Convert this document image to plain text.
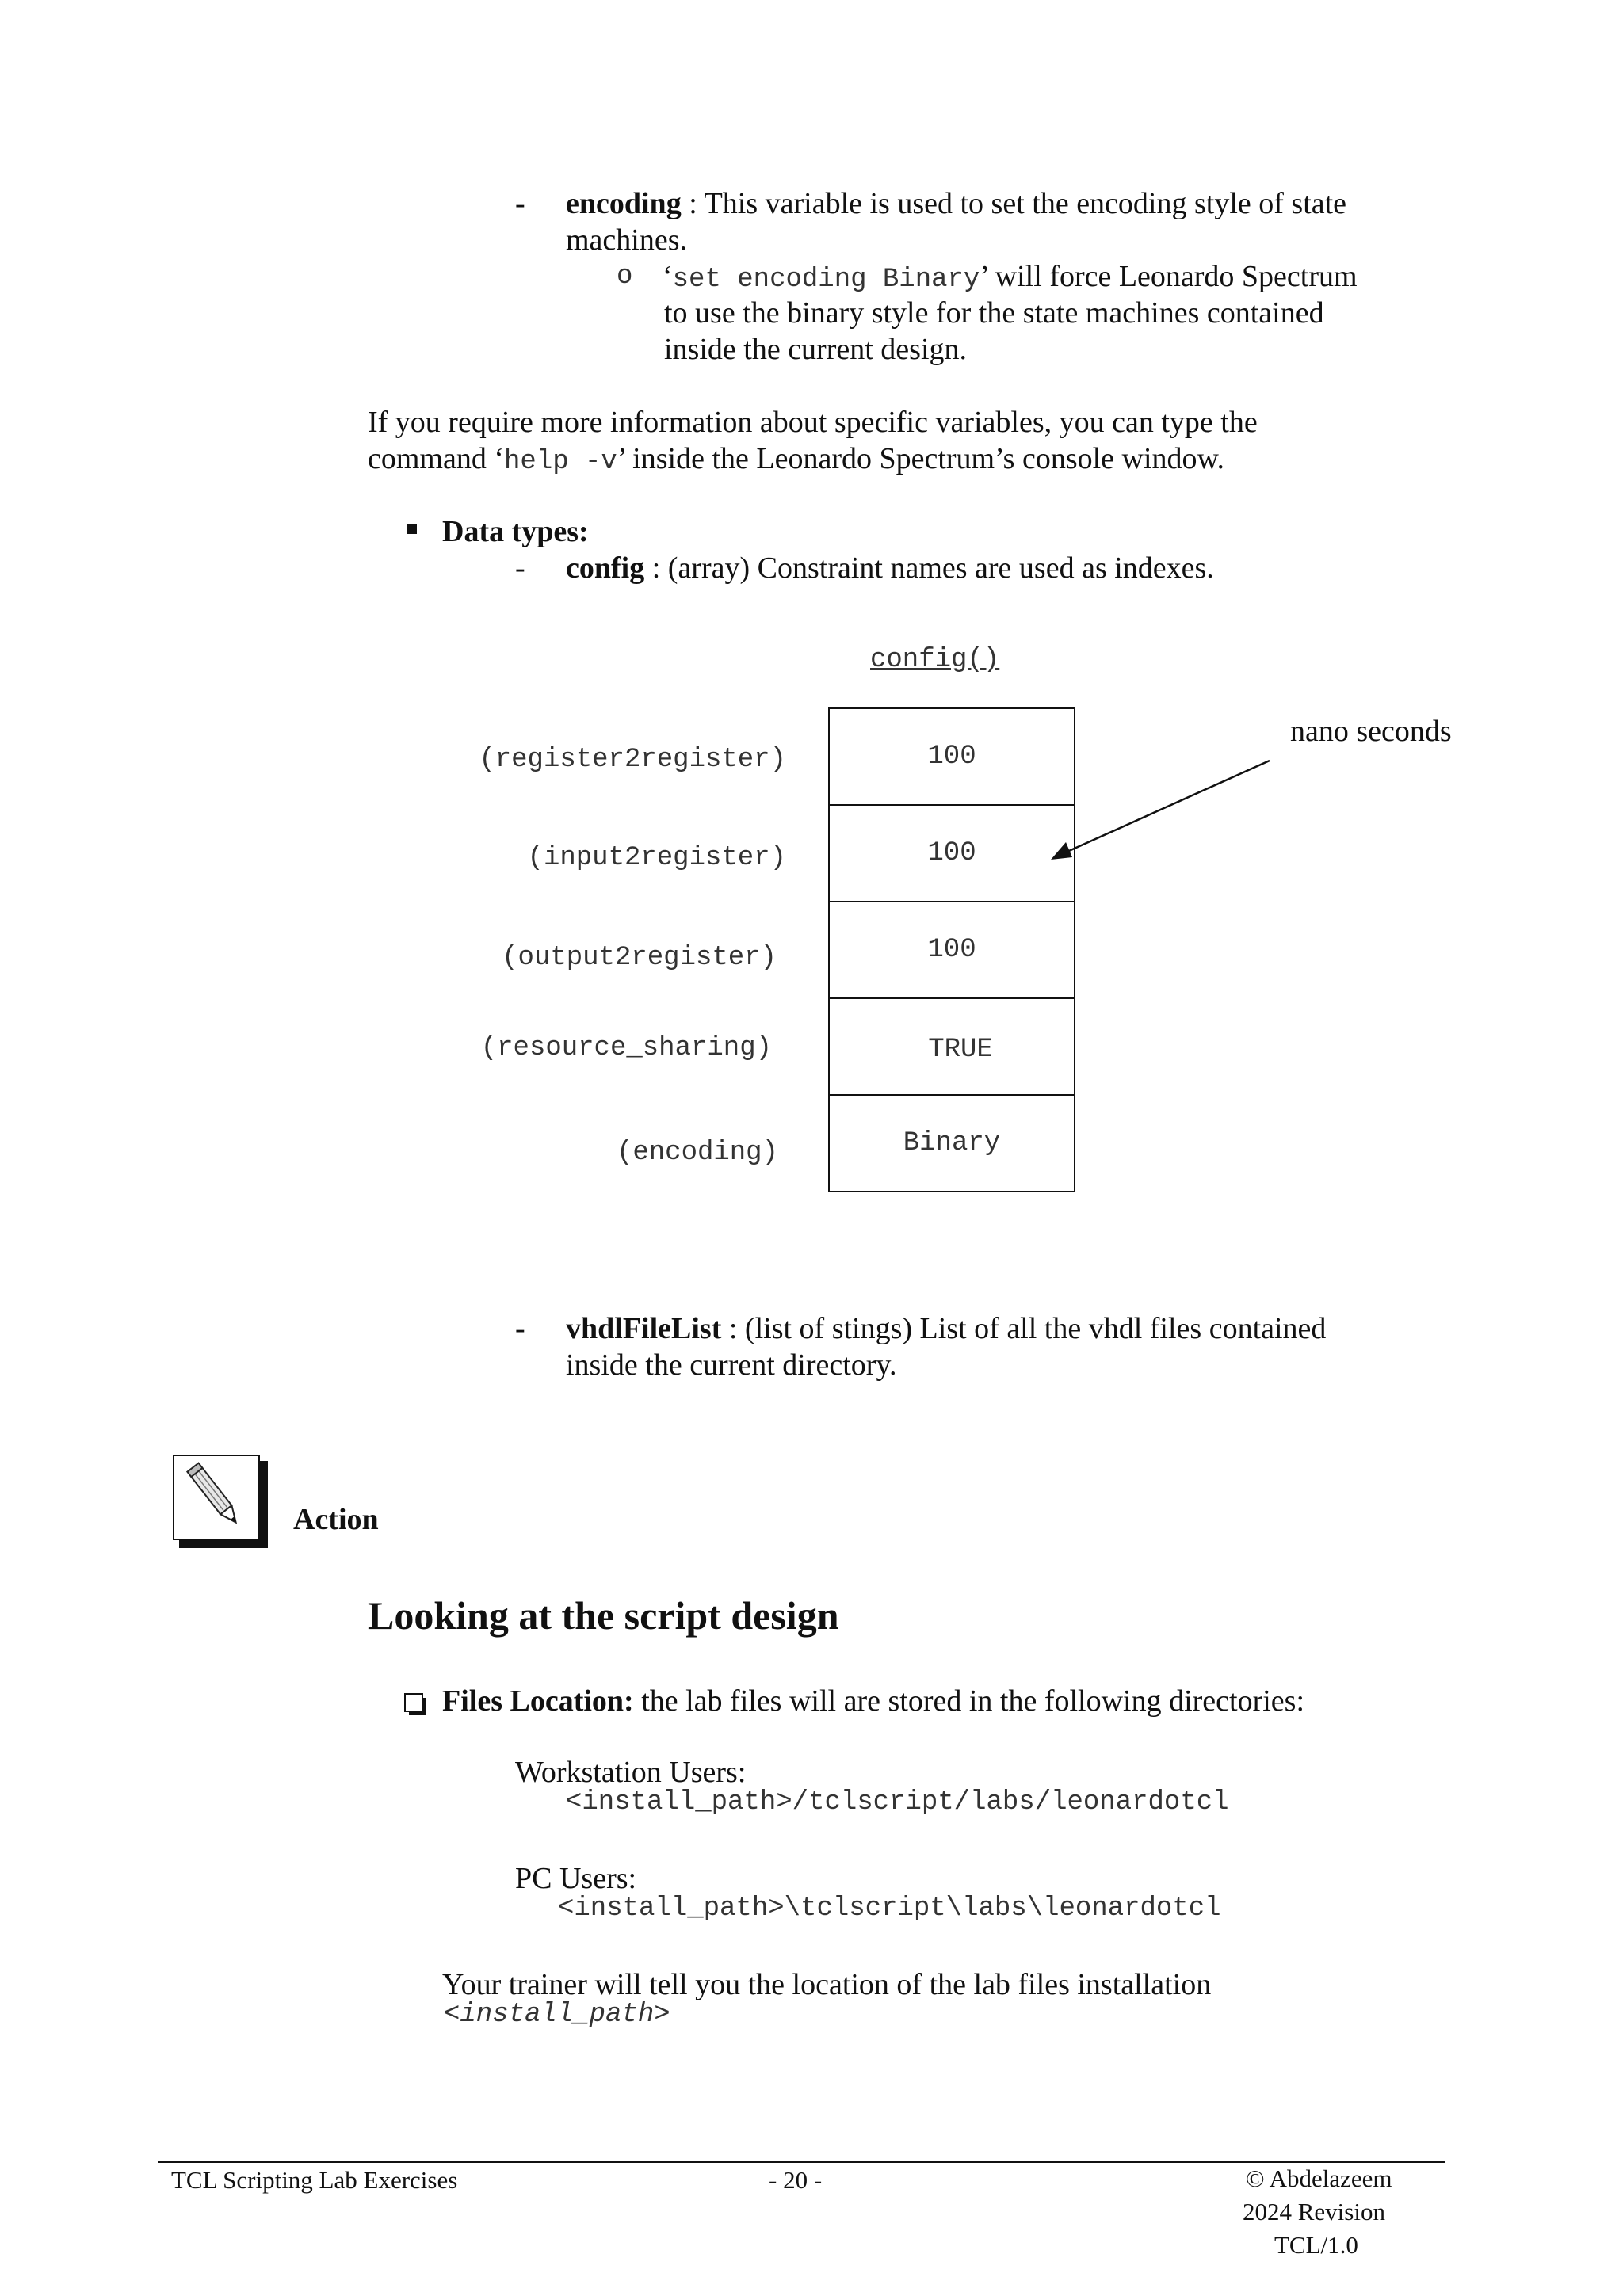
- encoding : This variable is used to set the encoding style of state
machines.
o ‘set encoding Binary’ will force Leonardo Spectrum
to use the binary style for the state machines contained
inside the current design.
If you require more information about specific variables, you can type the
command ‘help -v’ inside the Leonardo Spectrum’s console window.
Data types:
- config : (array) Constraint names are used as indexes.
config()
nano seconds
(register2register)
(input2register)
(output2register)
(resource_sharing)
(encoding)
100
100
100
TRUE
Binary
- vhdlFileList : (list of stings) List of all the vhdl files contained
inside the current directory.
Action
Looking at the script design
Files Location: the lab files will are stored in the following directories:
Workstation Users:
<install_path>/tclscript/labs/leonardotcl
PC Users:
<install_path>\tclscript\labs\leonardotcl
Your trainer will tell you the location of the lab files installation
<install_path>
TCL Scripting Lab Exercises	- 20 -	© Abdelazeem
2024 Revision
TCL/1.0
